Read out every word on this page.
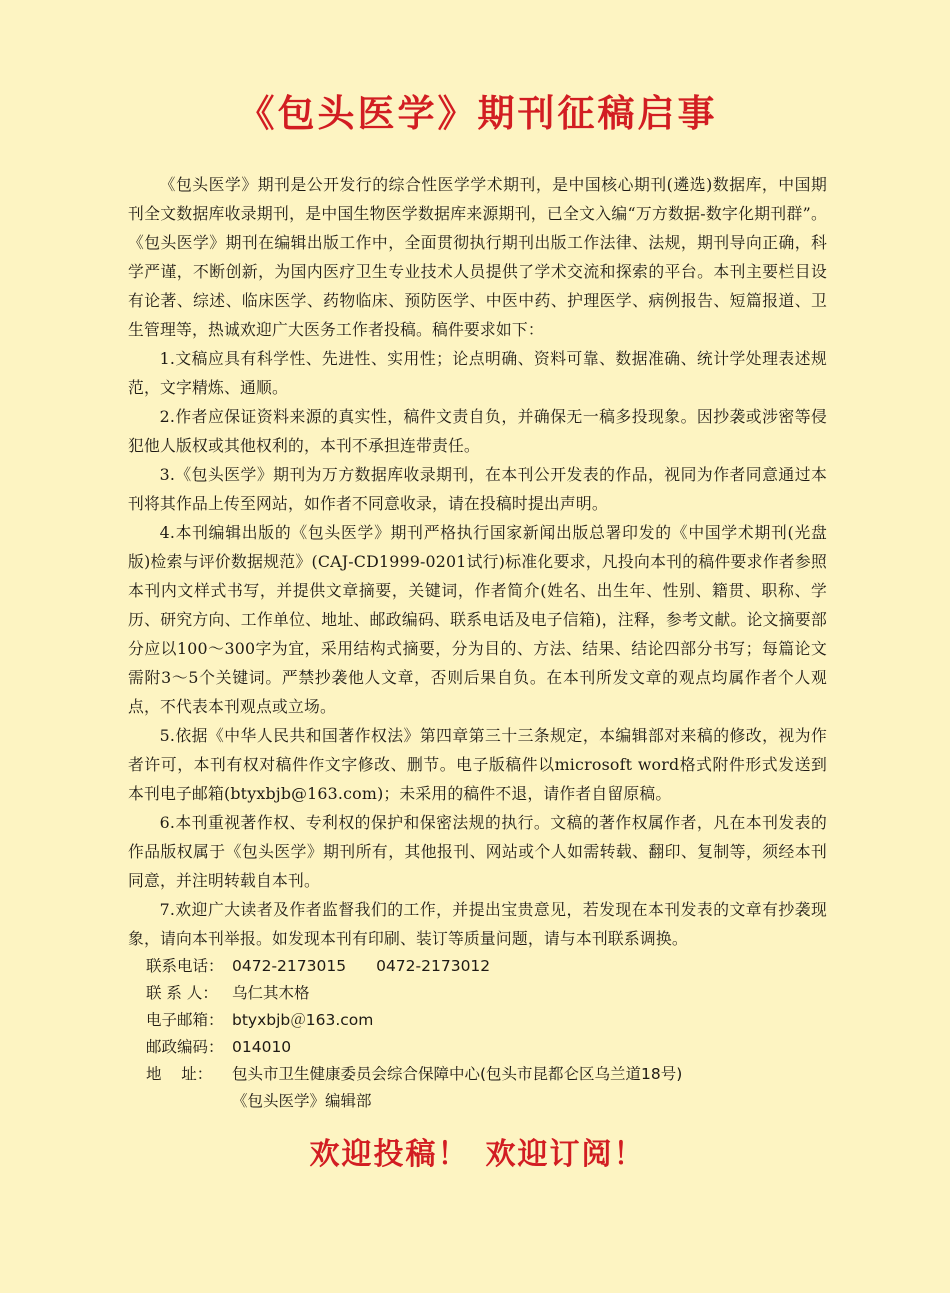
《包头医学》期刊征稿启事

《包头医学》期刊是公开发行的综合性医学学术期刊，是中国核心期刊(遴选)数据库，中国期刊全文数据库收录期刊，是中国生物医学数据库来源期刊，已全文入编“万方数据-数字化期刊群”。《包头医学》期刊在编辑出版工作中，全面贯彻执行期刊出版工作法律、法规，期刊导向正确，科学严谨，不断创新，为国内医疗卫生专业技术人员提供了学术交流和探索的平台。本刊主要栏目设有论著、综述、临床医学、药物临床、预防医学、中医中药、护理医学、病例报告、短篇报道、卫生管理等，热诚欢迎广大医务工作者投稿。稿件要求如下：

1.文稿应具有科学性、先进性、实用性；论点明确、资料可靠、数据准确、统计学处理表述规范，文字精炼、通顺。

2.作者应保证资料来源的真实性，稿件文责自负，并确保无一稿多投现象。因抄袭或涉密等侵犯他人版权或其他权利的，本刊不承担连带责任。

3.《包头医学》期刊为万方数据库收录期刊，在本刊公开发表的作品，视同为作者同意通过本刊将其作品上传至网站，如作者不同意收录，请在投稿时提出声明。

4.本刊编辑出版的《包头医学》期刊严格执行国家新闻出版总署印发的《中国学术期刊(光盘版)检索与评价数据规范》(CAJ-CD1999-0201试行)标准化要求，凡投向本刊的稿件要求作者参照本刊内文样式书写，并提供文章摘要，关键词，作者简介(姓名、出生年、性别、籍贯、职称、学历、研究方向、工作单位、地址、邮政编码、联系电话及电子信箱)，注释，参考文献。论文摘要部分应以100～300字为宜，采用结构式摘要，分为目的、方法、结果、结论四部分书写；每篇论文需附3～5个关键词。严禁抄袭他人文章，否则后果自负。在本刊所发文章的观点均属作者个人观点，不代表本刊观点或立场。

5.依据《中华人民共和国著作权法》第四章第三十三条规定，本编辑部对来稿的修改，视为作者许可，本刊有权对稿件作文字修改、删节。电子版稿件以microsoft word格式附件形式发送到本刊电子邮箱(btyxbjb@163.com)；未采用的稿件不退，请作者自留原稿。

6.本刊重视著作权、专利权的保护和保密法规的执行。文稿的著作权属作者，凡在本刊发表的作品版权属于《包头医学》期刊所有，其他报刊、网站或个人如需转载、翻印、复制等，须经本刊同意，并注明转载自本刊。

7.欢迎广大读者及作者监督我们的工作，并提出宝贵意见，若发现在本刊发表的文章有抄袭现象，请向本刊举报。如发现本刊有印刷、装订等质量问题，请与本刊联系调换。

联系电话： 0472-2173015 0472-2173012
联 系 人： 乌仁其木格
电子邮箱： btyxbjb＠163.com
邮政编码： 014010
地    址： 包头市卫生健康委员会综合保障中心(包头市昆都仑区乌兰道18号)
《包头医学》编辑部
欢迎投稿！ 欢迎订阅！
